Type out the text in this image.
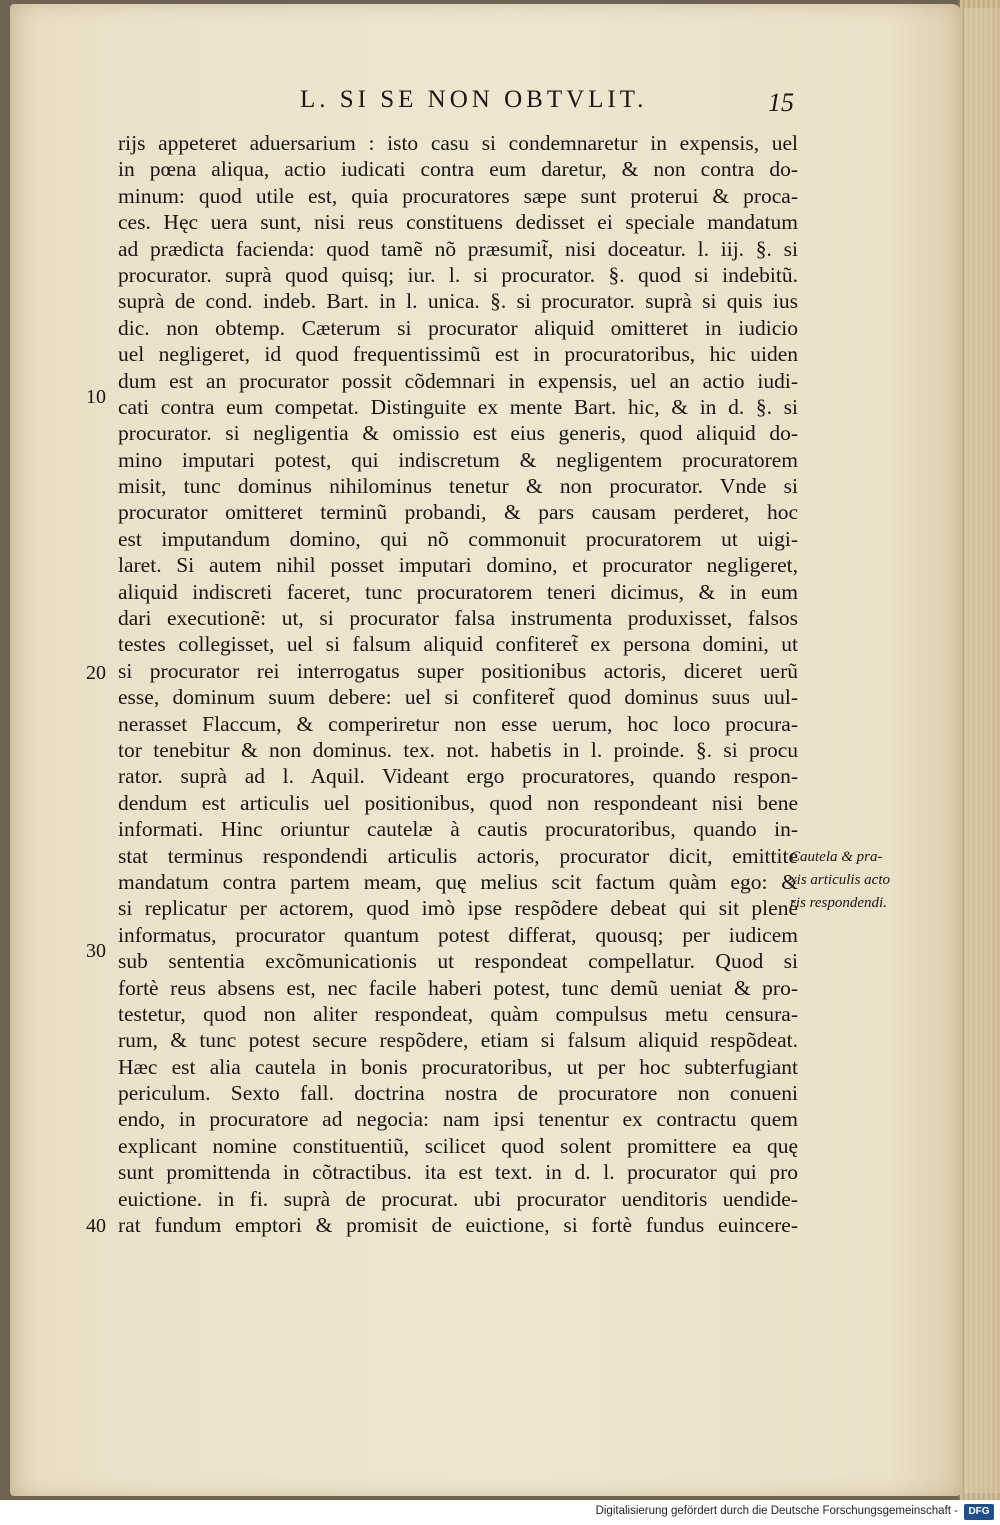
L. SI SE NON OBTVLIT.	15
10
20
30
40
rijs appeteret aduersarium : isto casu si condemnaretur in expensis, uel
in pœna aliqua, actio iudicati contra eum daretur, & non contra do-
minum: quod utile est, quia procuratores sæpe sunt proterui & proca-
ces. Hęc uera sunt, nisi reus constituens dedisset ei speciale mandatum
ad prædicta facienda: quod tamẽ nõ præsumit̃, nisi doceatur. l. iij. §. si
procurator. suprà quod quisq; iur. l. si procurator. §. quod si indebitũ.
suprà de cond. indeb. Bart. in l. unica. §. si procurator. suprà si quis ius
dic. non obtemp. Cæterum si procurator aliquid omitteret in iudicio
uel negligeret, id quod frequentissimũ est in procuratoribus, hic uiden
dum est an procurator possit cõdemnari in expensis, uel an actio iudi-
cati contra eum competat. Distinguite ex mente Bart. hic, & in d. §. si
procurator. si negligentia & omissio est eius generis, quod aliquid do-
mino imputari potest, qui indiscretum & negligentem procuratorem
misit, tunc dominus nihilominus tenetur & non procurator. Vnde si
procurator omitteret terminũ probandi, & pars causam perderet, hoc
est imputandum domino, qui nõ commonuit procuratorem ut uigi-
laret. Si autem nihil posset imputari domino, et procurator negligeret,
aliquid indiscreti faceret, tunc procuratorem teneri dicimus, & in eum
dari executionẽ: ut, si procurator falsa instrumenta produxisset, falsos
testes collegisset, uel si falsum aliquid confiteret̃ ex persona domini, ut
si procurator rei interrogatus super positionibus actoris, diceret uerũ
esse, dominum suum debere: uel si confiteret̃ quod dominus suus uul-
nerasset Flaccum, & comperiretur non esse uerum, hoc loco procura-
tor tenebitur & non dominus. tex. not. habetis in l. proinde. §. si procu
rator. suprà ad l. Aquil. Videant ergo procuratores, quando respon-
dendum est articulis uel positionibus, quod non respondeant nisi bene
informati. Hinc oriuntur cautelæ à cautis procuratoribus, quando in-
stat terminus respondendi articulis actoris, procurator dicit, emittite
mandatum contra partem meam, quę melius scit factum quàm ego: &
si replicatur per actorem, quod imò ipse respõdere debeat qui sit plenè
informatus, procurator quantum potest differat, quousq; per iudicem
sub sententia excõmunicationis ut respondeat compellatur. Quod si
fortè reus absens est, nec facile haberi potest, tunc demũ ueniat & pro-
testetur, quod non aliter respondeat, quàm compulsus metu censura-
rum, & tunc potest secure respõdere, etiam si falsum aliquid respõdeat.
Hæc est alia cautela in bonis procuratoribus, ut per hoc subterfugiant
periculum. Sexto fall. doctrina nostra de procuratore non conueni
endo, in procuratore ad negocia: nam ipsi tenentur ex contractu quem
explicant nomine constituentiũ, scilicet quod solent promittere ea quę
sunt promittenda in cõtractibus. ita est text. in d. l. procurator qui pro
euictione. in fi. suprà de procurat. ubi procurator uenditoris uendide-
rat fundum emptori & promisit de euictione, si fortè fundus euincere-
Cautela & pra-
xis articulis acto
ris respondendi.
Digitalisierung gefördert durch die Deutsche Forschungsgemeinschaft -	DFG
